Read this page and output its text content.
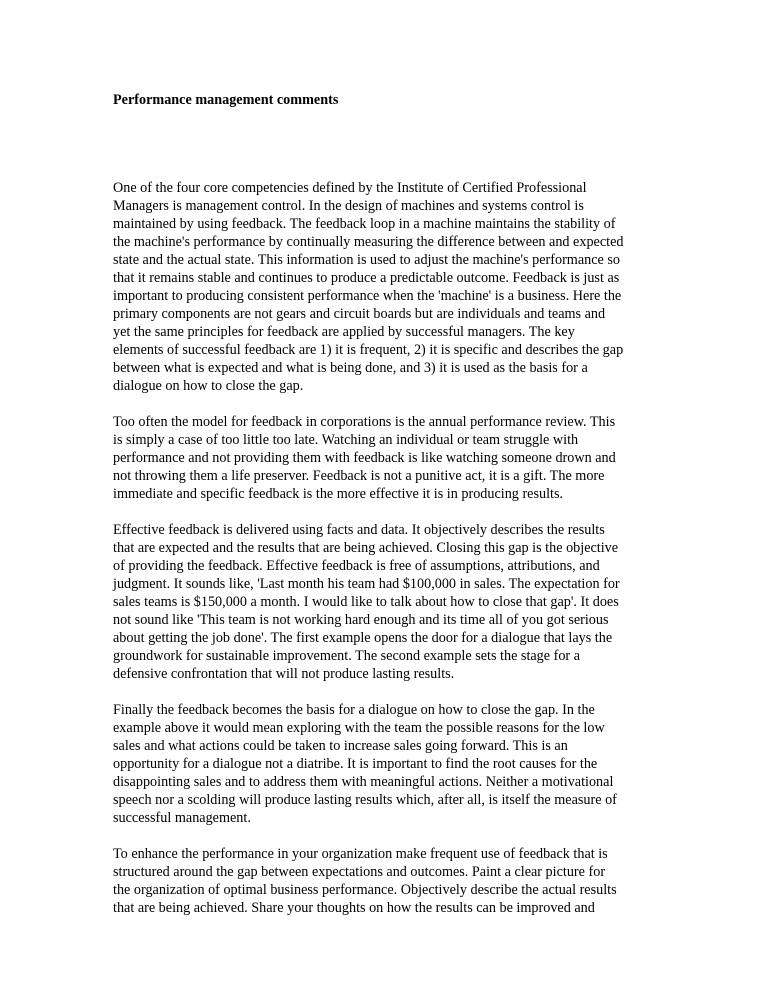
Performance management comments

One of the four core competencies defined by the Institute of Certified Professional
Managers is management control. In the design of machines and systems control is
maintained by using feedback. The feedback loop in a machine maintains the stability of
the machine's performance by continually measuring the difference between and expected
state and the actual state. This information is used to adjust the machine's performance so
that it remains stable and continues to produce a predictable outcome. Feedback is just as
important to producing consistent performance when the 'machine' is a business. Here the
primary components are not gears and circuit boards but are individuals and teams and
yet the same principles for feedback are applied by successful managers. The key
elements of successful feedback are 1) it is frequent, 2) it is specific and describes the gap
between what is expected and what is being done, and 3) it is used as the basis for a
dialogue on how to close the gap.

Too often the model for feedback in corporations is the annual performance review. This
is simply a case of too little too late. Watching an individual or team struggle with
performance and not providing them with feedback is like watching someone drown and
not throwing them a life preserver. Feedback is not a punitive act, it is a gift. The more
immediate and specific feedback is the more effective it is in producing results.

Effective feedback is delivered using facts and data. It objectively describes the results
that are expected and the results that are being achieved. Closing this gap is the objective
of providing the feedback. Effective feedback is free of assumptions, attributions, and
judgment. It sounds like, 'Last month his team had $100,000 in sales. The expectation for
sales teams is $150,000 a month. I would like to talk about how to close that gap'. It does
not sound like 'This team is not working hard enough and its time all of you got serious
about getting the job done'. The first example opens the door for a dialogue that lays the
groundwork for sustainable improvement. The second example sets the stage for a
defensive confrontation that will not produce lasting results.

Finally the feedback becomes the basis for a dialogue on how to close the gap. In the
example above it would mean exploring with the team the possible reasons for the low
sales and what actions could be taken to increase sales going forward. This is an
opportunity for a dialogue not a diatribe. It is important to find the root causes for the
disappointing sales and to address them with meaningful actions. Neither a motivational
speech nor a scolding will produce lasting results which, after all, is itself the measure of
successful management.

To enhance the performance in your organization make frequent use of feedback that is
structured around the gap between expectations and outcomes. Paint a clear picture for
the organization of optimal business performance. Objectively describe the actual results
that are being achieved. Share your thoughts on how the results can be improved and
